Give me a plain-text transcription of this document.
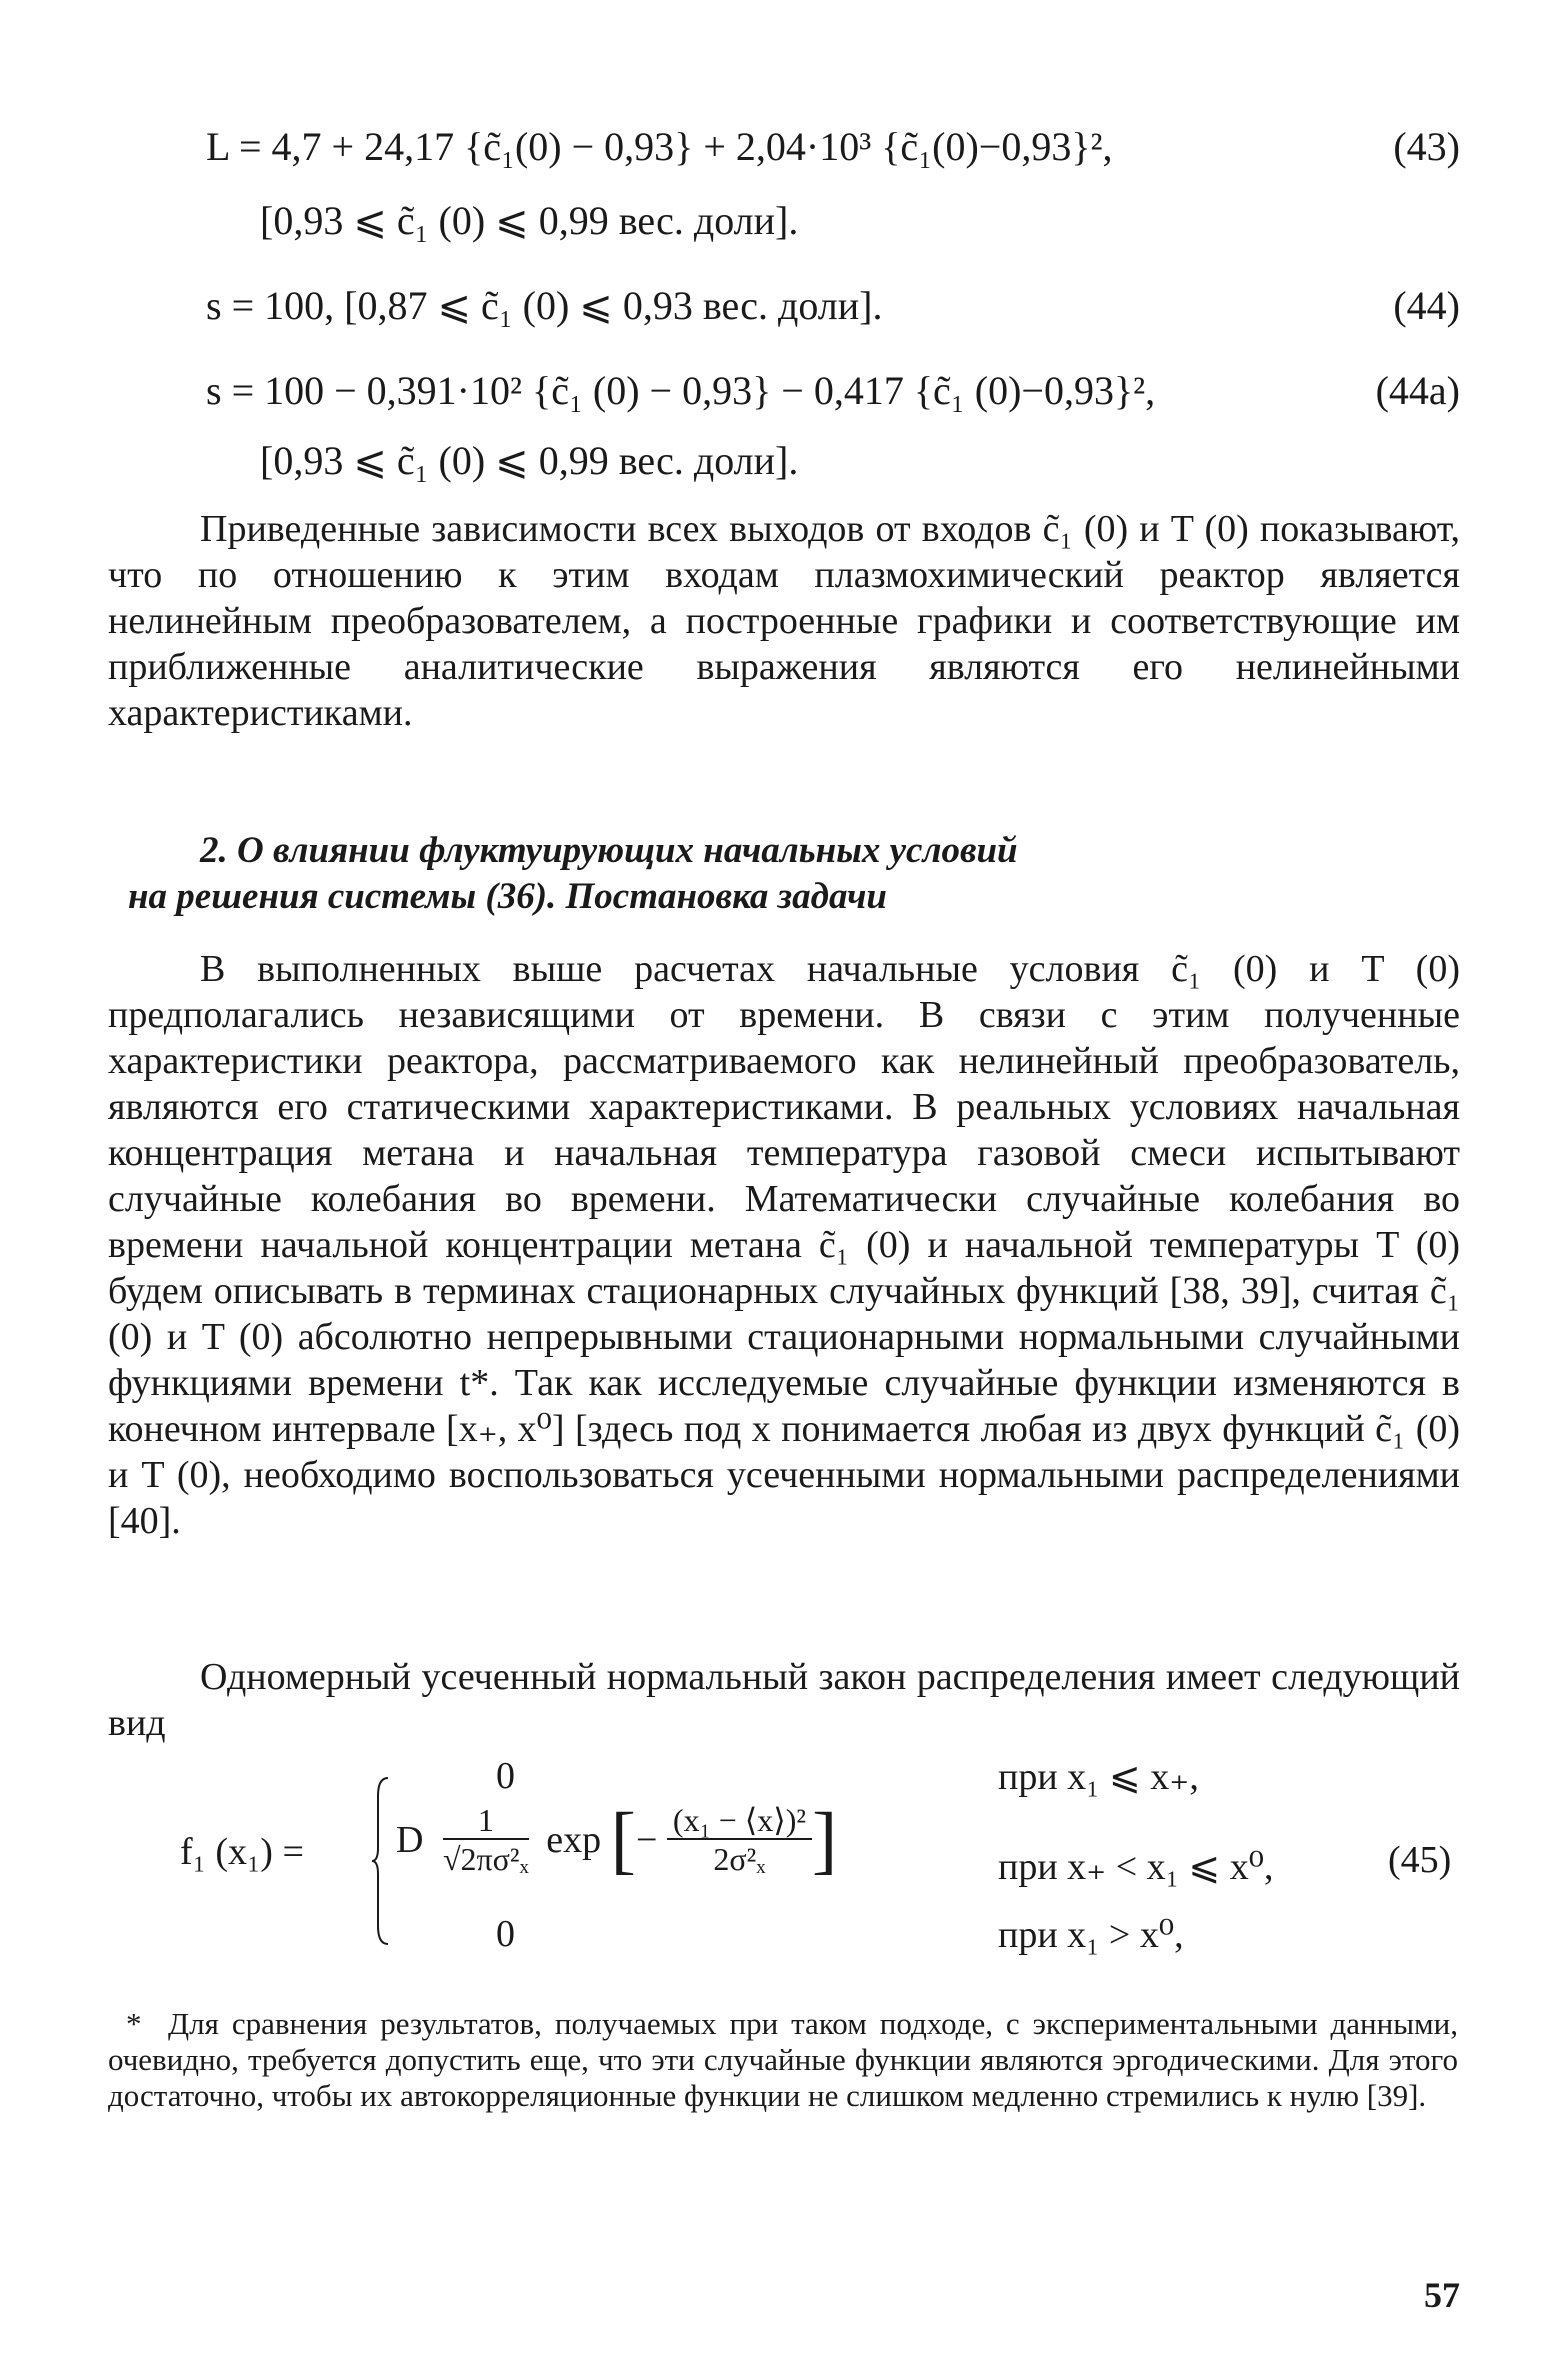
L = 4,7 + 24,17 {c̃₁(0) − 0,93} + 2,04·10³ {c̃₁(0)−0,93}²,	(43)
[0,93 ⩽ c̃₁ (0) ⩽ 0,99 вес. доли].
s = 100, [0,87 ⩽ c̃₁ (0) ⩽ 0,93 вес. доли].	(44)
s = 100 − 0,391·10² {c̃₁ (0) − 0,93} − 0,417 {c̃₁ (0)−0,93}²,	(44а)
[0,93 ⩽ c̃₁ (0) ⩽ 0,99 вес. доли].

Приведенные зависимости всех выходов от входов c̃₁ (0) и T (0) показывают, что по отношению к этим входам плазмохимический реактор является нелинейным преобразователем, а построенные графики и соответствующие им приближенные аналитические выражения являются его нелинейными характеристиками.

2. О влиянии флуктуирующих начальных условий
на решения системы (36). Постановка задачи

В выполненных выше расчетах начальные условия c̃₁ (0) и T (0) предполагались независящими от времени. В связи с этим полученные характеристики реактора, рассматриваемого как нелинейный преобразователь, являются его статическими характеристиками. В реальных условиях начальная концентрация метана и начальная температура газовой смеси испытывают случайные колебания во времени. Математически случайные колебания во времени начальной концентрации метана c̃₁ (0) и начальной температуры T (0) будем описывать в терминах стационарных случайных функций [38, 39], считая c̃₁ (0) и T (0) абсолютно непрерывными стационарными нормальными случайными функциями времени t*. Так как исследуемые случайные функции изменяются в конечном интервале [x₊, x⁰] [здесь под x понимается любая из двух функций c̃₁ (0) и T (0), необходимо воспользоваться усеченными нормальными распределениями [40].

Одномерный усеченный нормальный закон распределения имеет следующий вид

f₁ (x₁) =
0	при x₁ ⩽ x₊,
D $\frac{1}{\text{√2πσ²ₓ}}$ exp [− $\frac{\text{(x₁ − ⟨x⟩)²}}{\text{2σ²ₓ}}$ ]	при x₊ < x₁ ⩽ x⁰,
0	при x₁ > x⁰,
(45)
* Для сравнения результатов, получаемых при таком подходе, с экспериментальными данными, очевидно, требуется допустить еще, что эти случайные функции являются эргодическими. Для этого достаточно, чтобы их автокорреляционные функции не слишком медленно стремились к нулю [39].
57
